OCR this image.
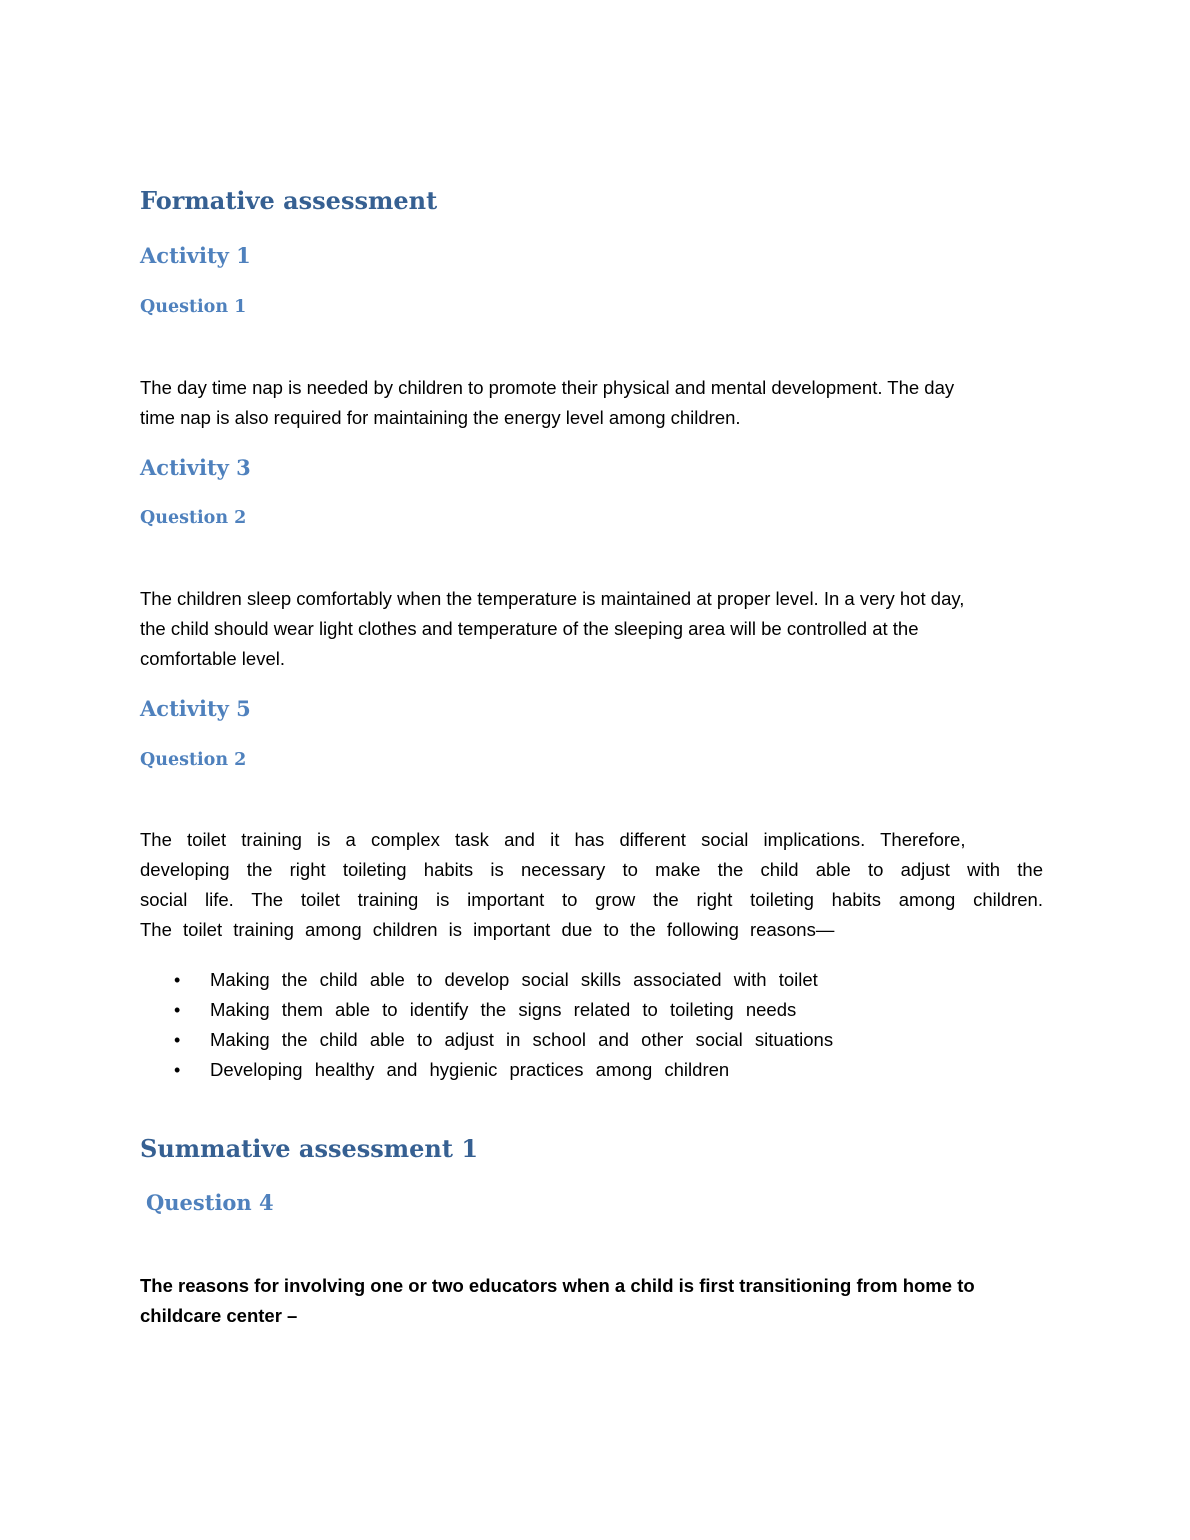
Formative assessment
Activity 1
Question 1
The day time nap is needed by children to promote their physical and mental development. The day
time nap is also required for maintaining the energy level among children.
Activity 3
Question 2
The children sleep comfortably when the temperature is maintained at proper level. In a very hot day,
the child should wear light clothes and temperature of the sleeping area will be controlled at the
comfortable level.
Activity 5
Question 2
The toilet training is a complex task and it has different social implications. Therefore,
developing the right toileting habits is necessary to make the child able to adjust with the
social life. The toilet training is important to grow the right toileting habits among children.
The toilet training among children is important due to the following reasons—
• Making the child able to develop social skills associated with toilet
• Making them able to identify the signs related to toileting needs
• Making the child able to adjust in school and other social situations
• Developing healthy and hygienic practices among children
Summative assessment 1
Question 4
The reasons for involving one or two educators when a child is first transitioning from home to
childcare center –
